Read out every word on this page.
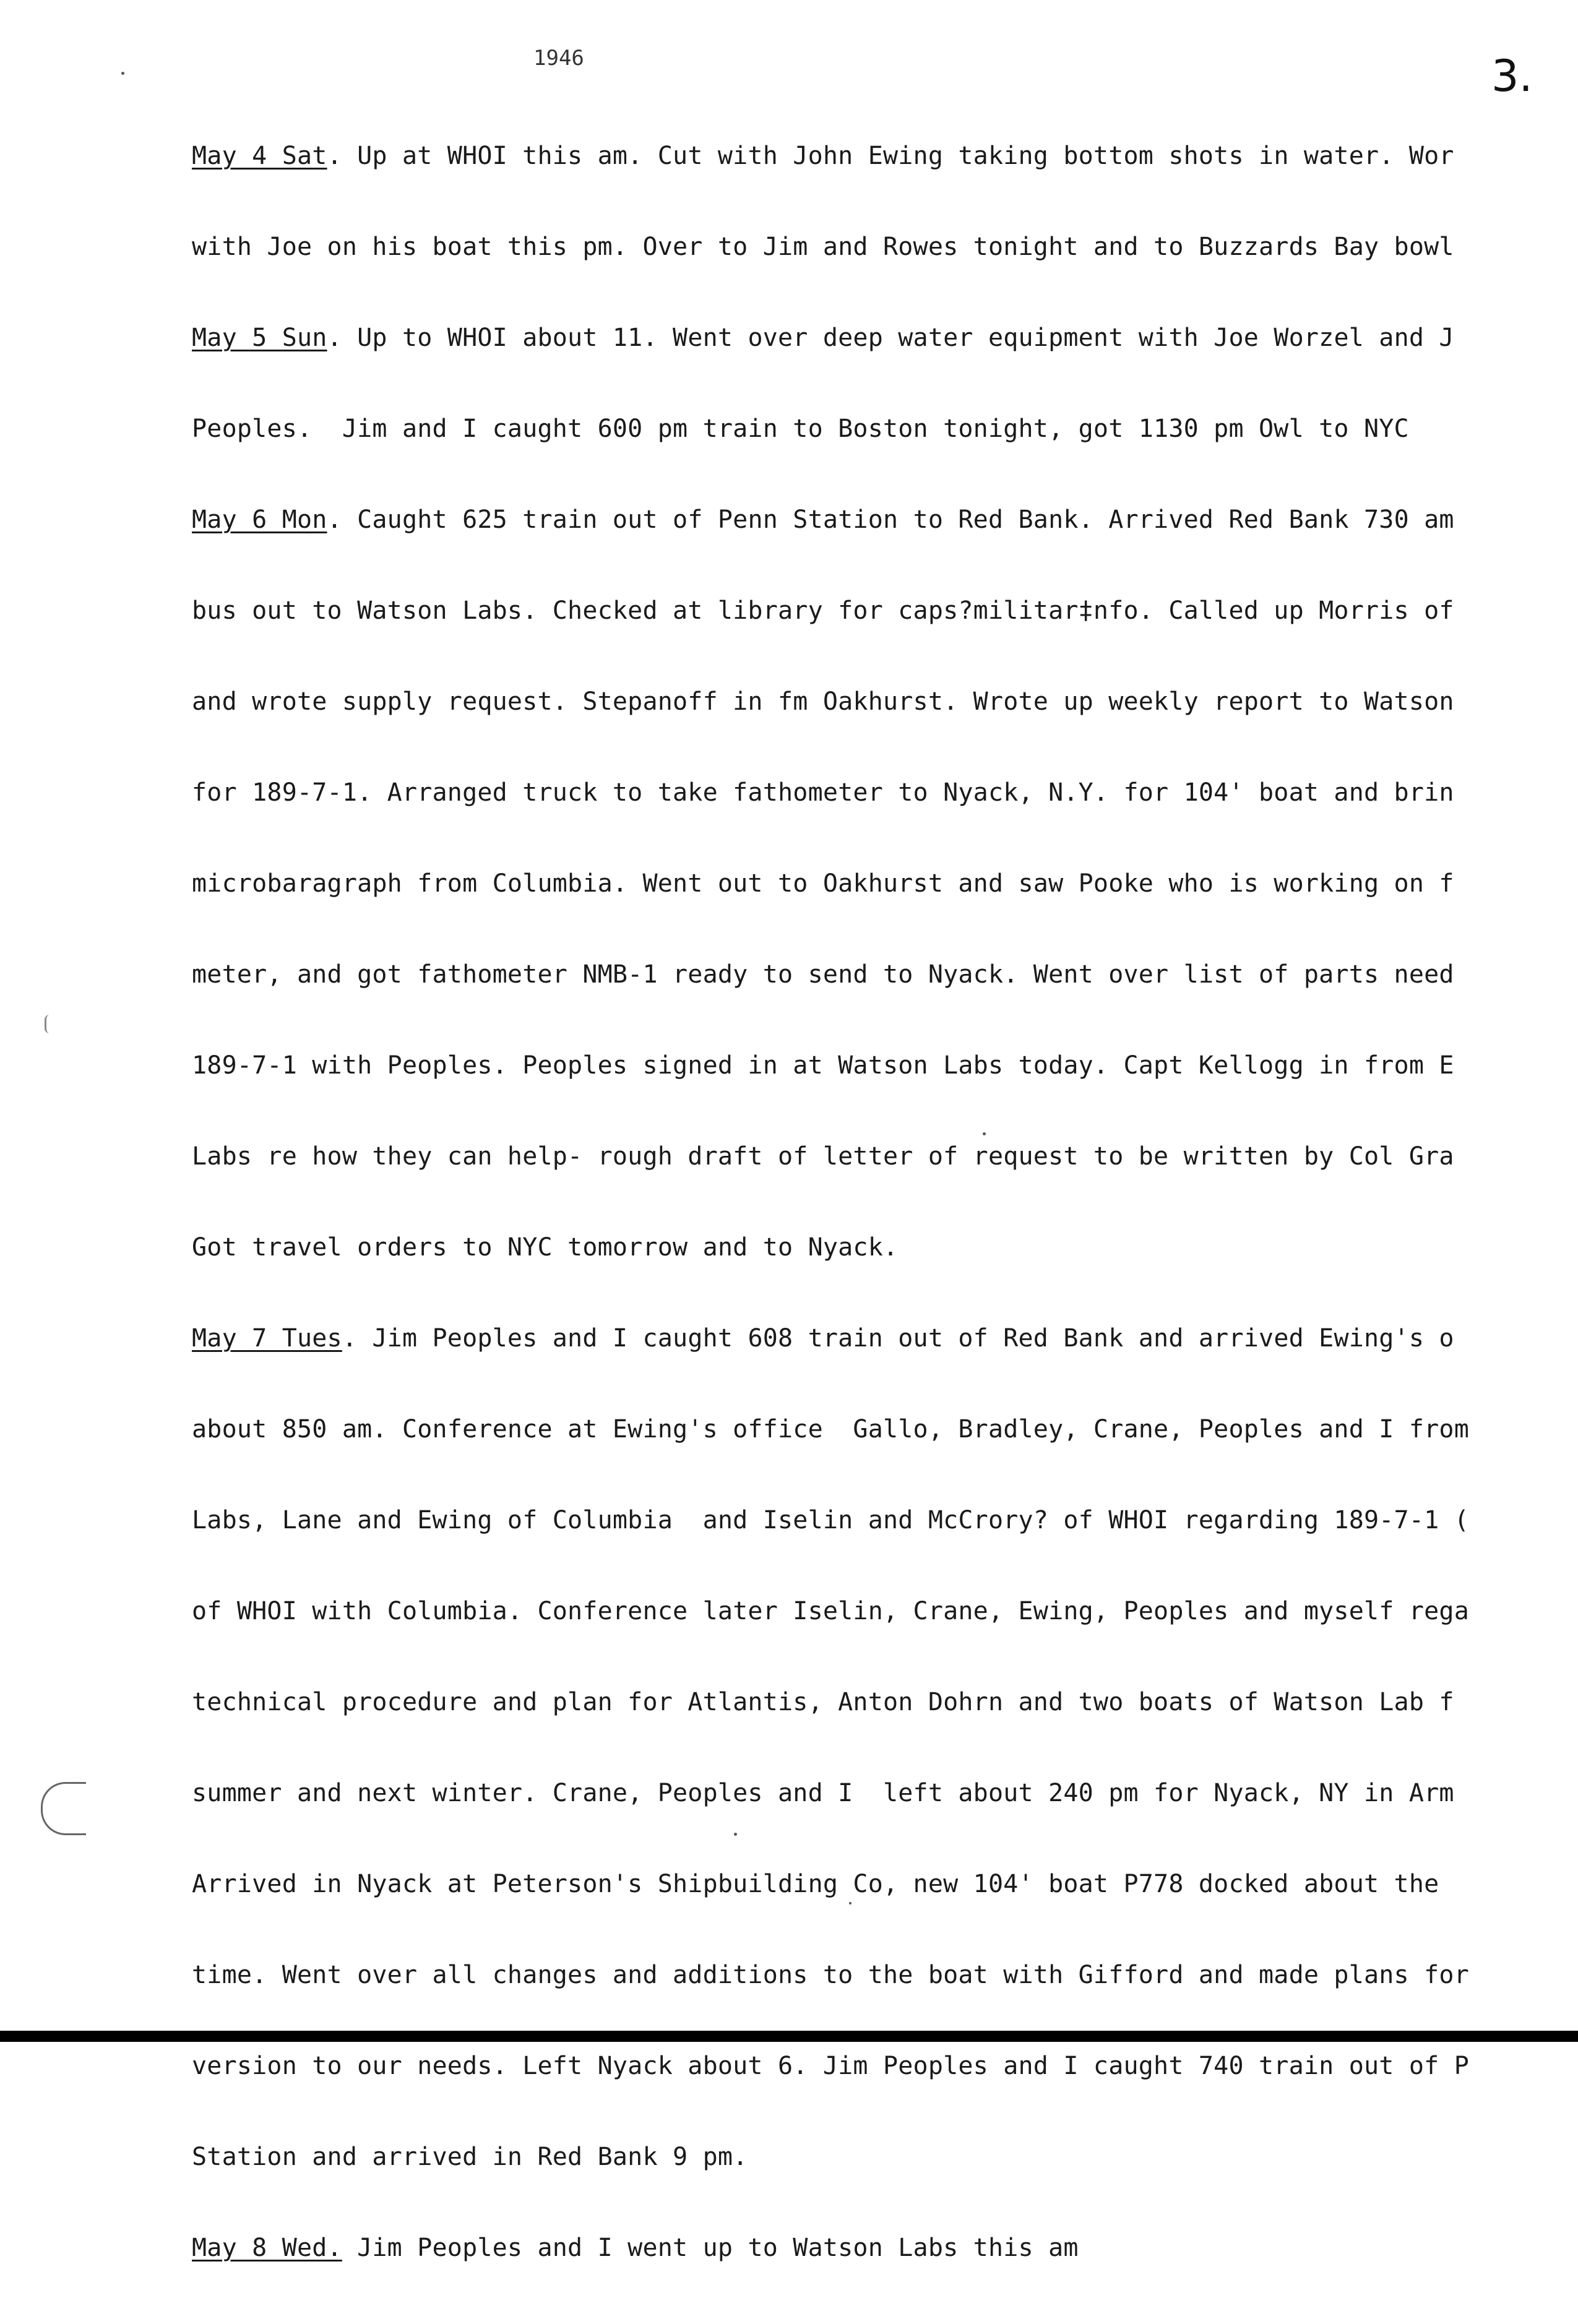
1946	3.

May 4 Sat. Up at WHOI this am. Cut with John Ewing taking bottom shots in water. Wor

with Joe on his boat this pm. Over to Jim and Rowes tonight and to Buzzards Bay bowl

May 5 Sun. Up to WHOI about 11. Went over deep water equipment with Joe Worzel and J

Peoples.  Jim and I caught 600 pm train to Boston tonight, got 1130 pm Owl to NYC

May 6 Mon. Caught 625 train out of Penn Station to Red Bank. Arrived Red Bank 730 am

bus out to Watson Labs. Checked at library for caps?militar‡nfo. Called up Morris of

and wrote supply request. Stepanoff in fm Oakhurst. Wrote up weekly report to Watson

for 189-7-1. Arranged truck to take fathometer to Nyack, N.Y. for 104' boat and brin

microbaragraph from Columbia. Went out to Oakhurst and saw Pooke who is working on f

meter, and got fathometer NMB-1 ready to send to Nyack. Went over list of parts need

189-7-1 with Peoples. Peoples signed in at Watson Labs today. Capt Kellogg in from E

Labs re how they can help- rough draft of letter of request to be written by Col Gra

Got travel orders to NYC tomorrow and to Nyack.

May 7 Tues. Jim Peoples and I caught 608 train out of Red Bank and arrived Ewing's o

about 850 am. Conference at Ewing's office  Gallo, Bradley, Crane, Peoples and I from

Labs, Lane and Ewing of Columbia  and Iselin and McCrory? of WHOI regarding 189-7-1 (

of WHOI with Columbia. Conference later Iselin, Crane, Ewing, Peoples and myself rega

technical procedure and plan for Atlantis, Anton Dohrn and two boats of Watson Lab f

summer and next winter. Crane, Peoples and I  left about 240 pm for Nyack, NY in Arm

Arrived in Nyack at Peterson's Shipbuilding Co, new 104' boat P778 docked about the

time. Went over all changes and additions to the boat with Gifford and made plans for

version to our needs. Left Nyack about 6. Jim Peoples and I caught 740 train out of P

Station and arrived in Red Bank 9 pm.

May 8 Wed. Jim Peoples and I went up to Watson Labs this am
